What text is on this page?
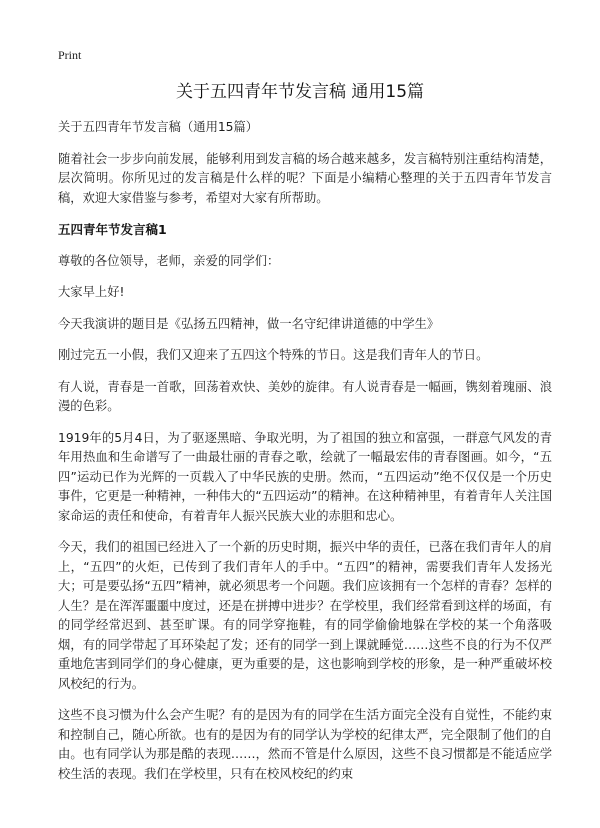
Print
关于五四青年节发言稿 通用15篇

关于五四青年节发言稿（通用15篇）

随着社会一步步向前发展，能够利用到发言稿的场合越来越多，发言稿特别注重结构清楚，层次简明。你所见过的发言稿是什么样的呢？下面是小编精心整理的关于五四青年节发言稿，欢迎大家借鉴与参考，希望对大家有所帮助。

五四青年节发言稿1

尊敬的各位领导，老师，亲爱的同学们：

大家早上好!

今天我演讲的题目是《弘扬五四精神，做一名守纪律讲道德的中学生》

刚过完五一小假，我们又迎来了五四这个特殊的节日。这是我们青年人的节日。

有人说，青春是一首歌，回荡着欢快、美妙的旋律。有人说青春是一幅画，镌刻着瑰丽、浪漫的色彩。

1919年的5月4日，为了驱逐黑暗、争取光明，为了祖国的独立和富强，一群意气风发的青年用热血和生命谱写了一曲最壮丽的青春之歌，绘就了一幅最宏伟的青春图画。如今，“五四”运动已作为光辉的一页载入了中华民族的史册。然而，“五四运动”绝不仅仅是一个历史事件，它更是一种精神，一种伟大的“五四运动”的精神。在这种精神里，有着青年人关注国家命运的责任和使命，有着青年人振兴民族大业的赤胆和忠心。

今天，我们的祖国已经进入了一个新的历史时期，振兴中华的责任，已落在我们青年人的肩上，“五四”的火炬，已传到了我们青年人的手中。“五四”的精神，需要我们青年人发扬光大；可是要弘扬“五四”精神，就必须思考一个问题。我们应该拥有一个怎样的青春？怎样的人生？是在浑浑噩噩中度过，还是在拼搏中进步？在学校里，我们经常看到这样的场面，有的同学经常迟到、甚至旷课。有的同学穿拖鞋，有的同学偷偷地躲在学校的某一个角落吸烟，有的同学带起了耳环染起了发；还有的同学一到上课就睡觉……这些不良的行为不仅严重地危害到同学们的身心健康，更为重要的是，这也影响到学校的形象，是一种严重破坏校风校纪的行为。

这些不良习惯为什么会产生呢？有的是因为有的同学在生活方面完全没有自觉性，不能约束和控制自己，随心所欲。也有的是因为有的同学认为学校的纪律太严，完全限制了他们的自由。也有同学认为那是酷的表现……，然而不管是什么原因，这些不良习惯都是不能适应学校生活的表现。我们在学校里，只有在校风校纪的约束
